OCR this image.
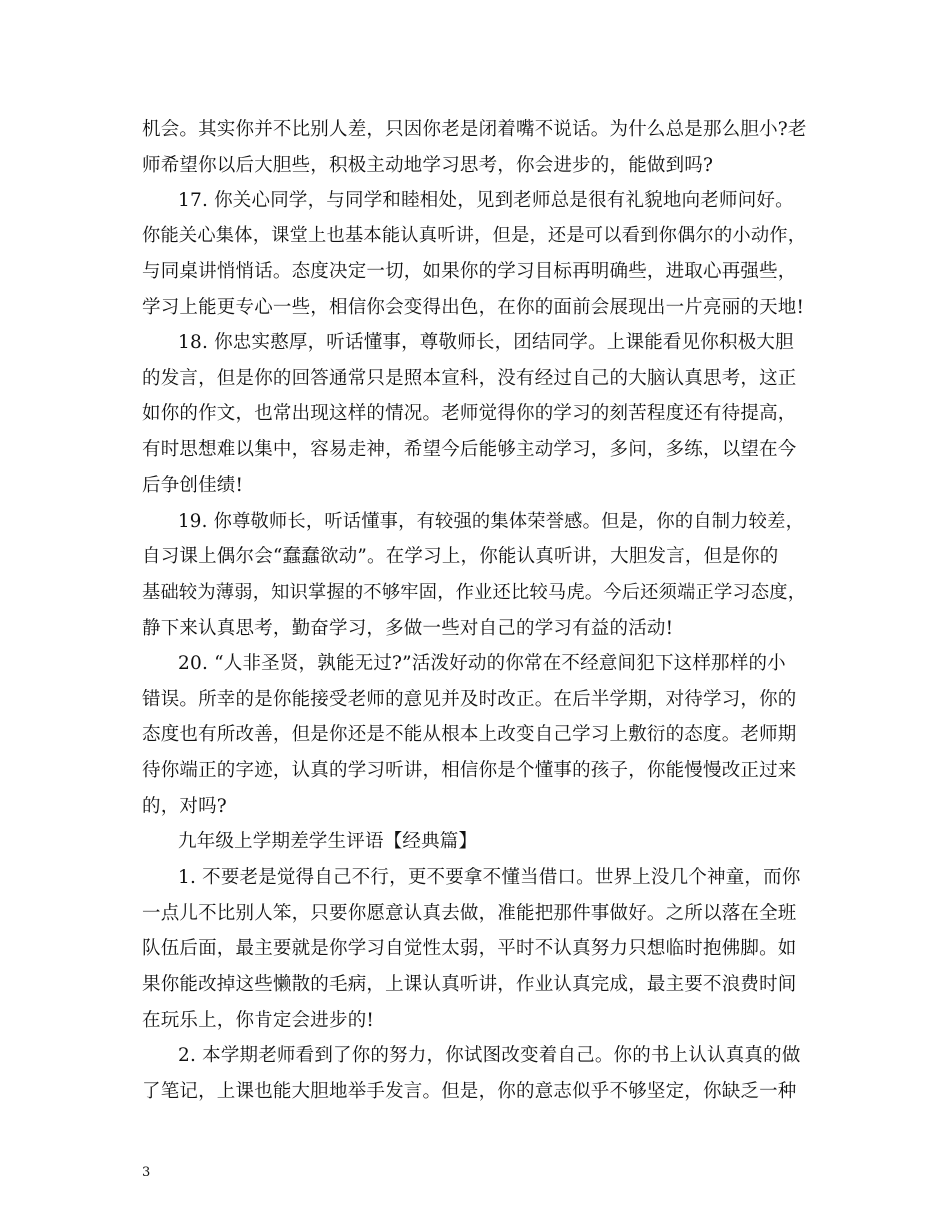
机会。其实你并不比别人差，只因你老是闭着嘴不说话。为什么总是那么胆小?老
师希望你以后大胆些，积极主动地学习思考，你会进步的，能做到吗?
17. 你关心同学，与同学和睦相处，见到老师总是很有礼貌地向老师问好。
你能关心集体，课堂上也基本能认真听讲，但是，还是可以看到你偶尔的小动作，
与同桌讲悄悄话。态度决定一切，如果你的学习目标再明确些，进取心再强些，
学习上能更专心一些，相信你会变得出色，在你的面前会展现出一片亮丽的天地!
18. 你忠实憨厚，听话懂事，尊敬师长，团结同学。上课能看见你积极大胆
的发言，但是你的回答通常只是照本宣科，没有经过自己的大脑认真思考，这正
如你的作文，也常出现这样的情况。老师觉得你的学习的刻苦程度还有待提高，
有时思想难以集中，容易走神，希望今后能够主动学习，多问，多练，以望在今
后争创佳绩!
19. 你尊敬师长，听话懂事，有较强的集体荣誉感。但是，你的自制力较差，
自习课上偶尔会“蠢蠢欲动”。在学习上，你能认真听讲，大胆发言，但是你的
基础较为薄弱，知识掌握的不够牢固，作业还比较马虎。今后还须端正学习态度，
静下来认真思考，勤奋学习，多做一些对自己的学习有益的活动!
20. “人非圣贤，孰能无过?”活泼好动的你常在不经意间犯下这样那样的小
错误。所幸的是你能接受老师的意见并及时改正。在后半学期，对待学习，你的
态度也有所改善，但是你还是不能从根本上改变自己学习上敷衍的态度。老师期
待你端正的字迹，认真的学习听讲，相信你是个懂事的孩子，你能慢慢改正过来
的，对吗?
九年级上学期差学生评语【经典篇】
1. 不要老是觉得自己不行，更不要拿不懂当借口。世界上没几个神童，而你
一点儿不比别人笨，只要你愿意认真去做，准能把那件事做好。之所以落在全班
队伍后面，最主要就是你学习自觉性太弱，平时不认真努力只想临时抱佛脚。如
果你能改掉这些懒散的毛病，上课认真听讲，作业认真完成，最主要不浪费时间
在玩乐上，你肯定会进步的!
2. 本学期老师看到了你的努力，你试图改变着自己。你的书上认认真真的做
了笔记，上课也能大胆地举手发言。但是，你的意志似乎不够坚定，你缺乏一种
3
